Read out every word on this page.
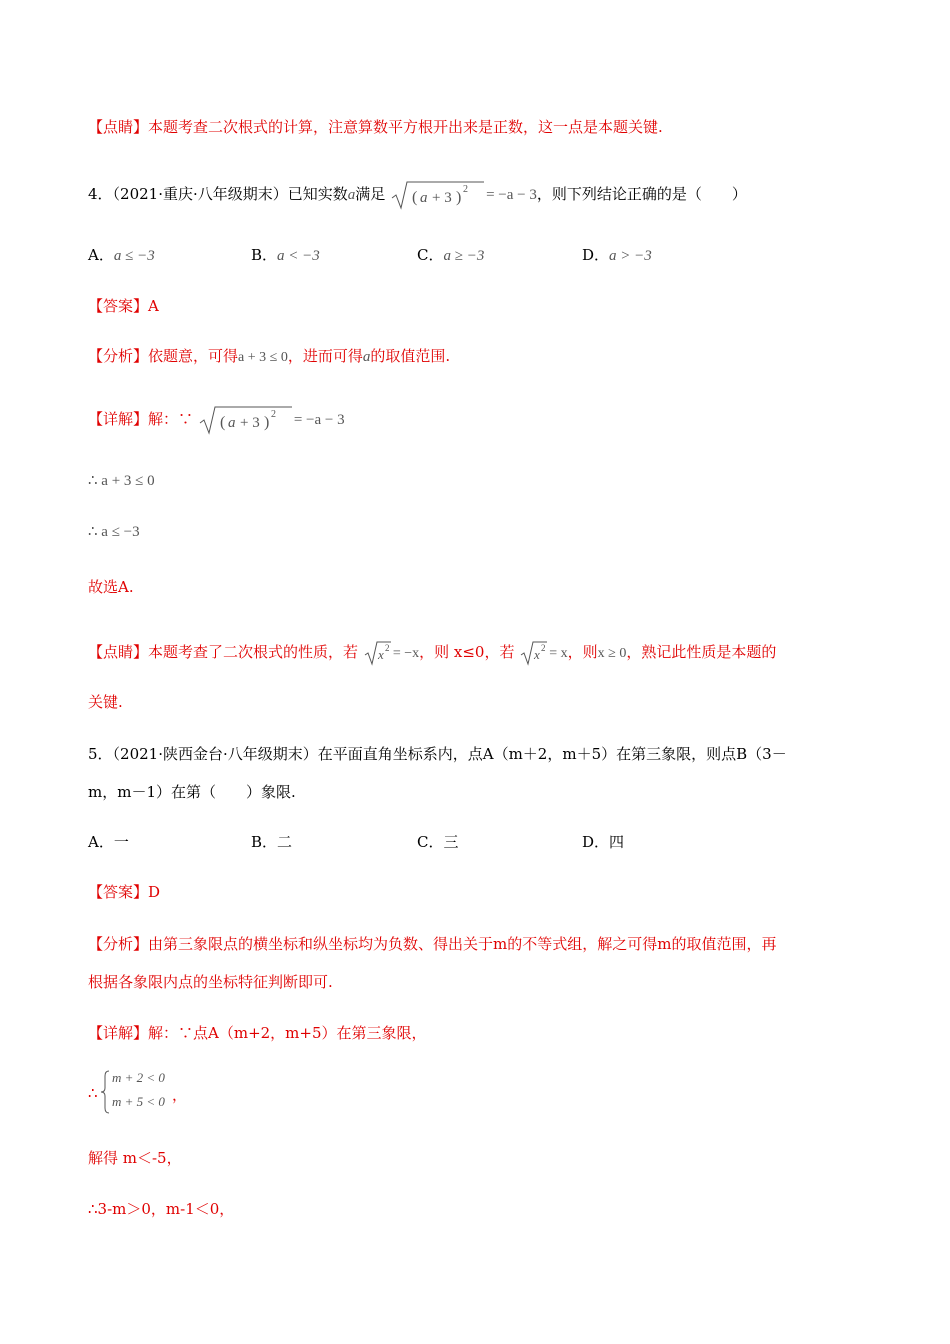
【点睛】本题考查二次根式的计算，注意算数平方根开出来是正数，这一点是本题关键.
4．（2021·重庆·八年级期末）已知实数a满足 ( a + 3 ) 2 = −a − 3，则下列结论正确的是（　　）
A．a ≤ −3	B．a < −3	C．a ≥ −3	D．a > −3
【答案】A
【分析】依题意，可得a + 3 ≤ 0，进而可得a的取值范围.
【详解】解：∵ ( a + 3 ) 2 = −a − 3
∴ a + 3 ≤ 0
∴ a ≤ −3
故选A.
【点睛】本题考查了二次根式的性质，若 x 2 = −x，则 x≤0，若 x 2 = x，则x ≥ 0，熟记此性质是本题的
关键.
5．（2021·陕西金台·八年级期末）在平面直角坐标系内，点A（m＋2，m＋5）在第三象限，则点B（3－
m，m－1）在第（　　）象限.
A．一	B．二	C．三	D．四
【答案】D
【分析】由第三象限点的横坐标和纵坐标均为负数、得出关于m的不等式组，解之可得m的取值范围，再
根据各象限内点的坐标特征判断即可.
【详解】解：∵点A（m+2，m+5）在第三象限，
∴
m + 2 < 0
m + 5 < 0 ，
解得 m＜-5，
∴3-m＞0，m-1＜0，
